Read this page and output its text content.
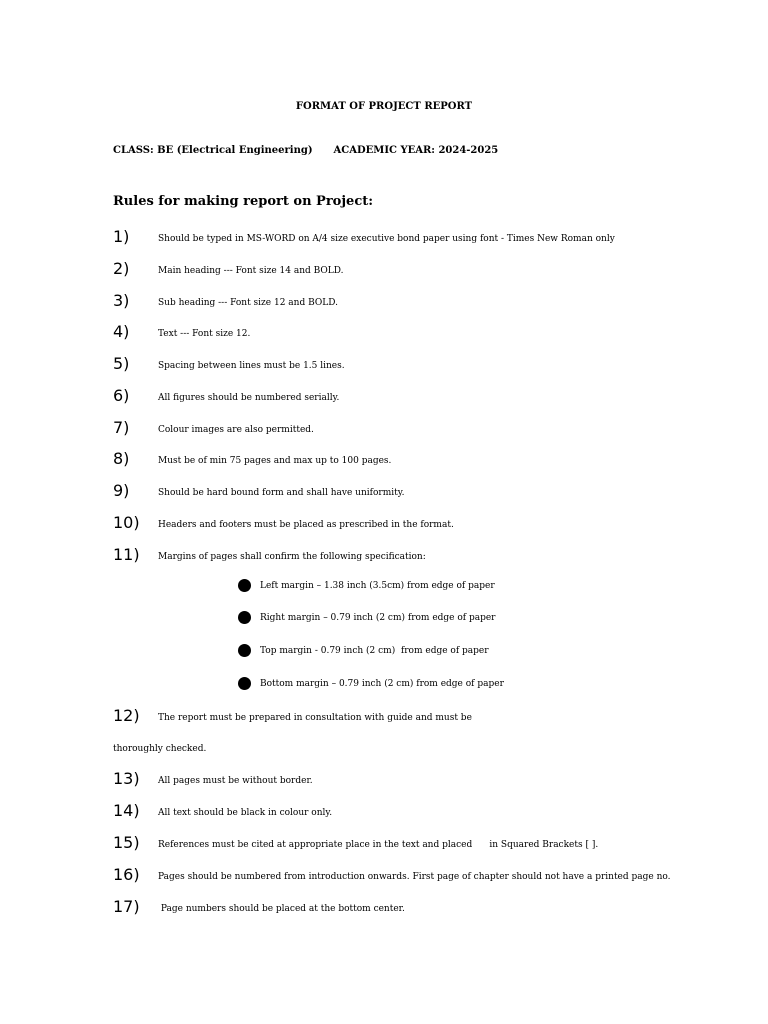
FORMAT OF PROJECT REPORT
CLASS: BE (Electrical Engineering) ACADEMIC YEAR: 2024-2025
Rules for making report on Project:
1)	Should be typed in MS-WORD on A/4 size executive bond paper using font - Times New Roman only
2)	Main heading --- Font size 14 and BOLD.
3)	Sub heading --- Font size 12 and BOLD.
4)	Text --- Font size 12.
5)	Spacing between lines must be 1.5 lines.
6)	All figures should be numbered serially.
7)	Colour images are also permitted.
8)	Must be of min 75 pages and max up to 100 pages.
9)	Should be hard bound form and shall have uniformity.
10) Headers and footers must be placed as prescribed in the format.
11) Margins of pages shall confirm the following specification:
Left margin – 1.38 inch (3.5cm) from edge of paper
Right margin – 0.79 inch (2 cm) from edge of paper
Top margin - 0.79 inch (2 cm)  from edge of paper
Bottom margin – 0.79 inch (2 cm) from edge of paper
12) The report must be prepared in consultation with guide and must be
thoroughly checked.
13) All pages must be without border.
14) All text should be black in colour only.
15) References must be cited at appropriate place in the text and placed      in Squared Brackets [ ].
16) Pages should be numbered from introduction onwards. First page of chapter should not have a printed page no.
17) Page numbers should be placed at the bottom center.
